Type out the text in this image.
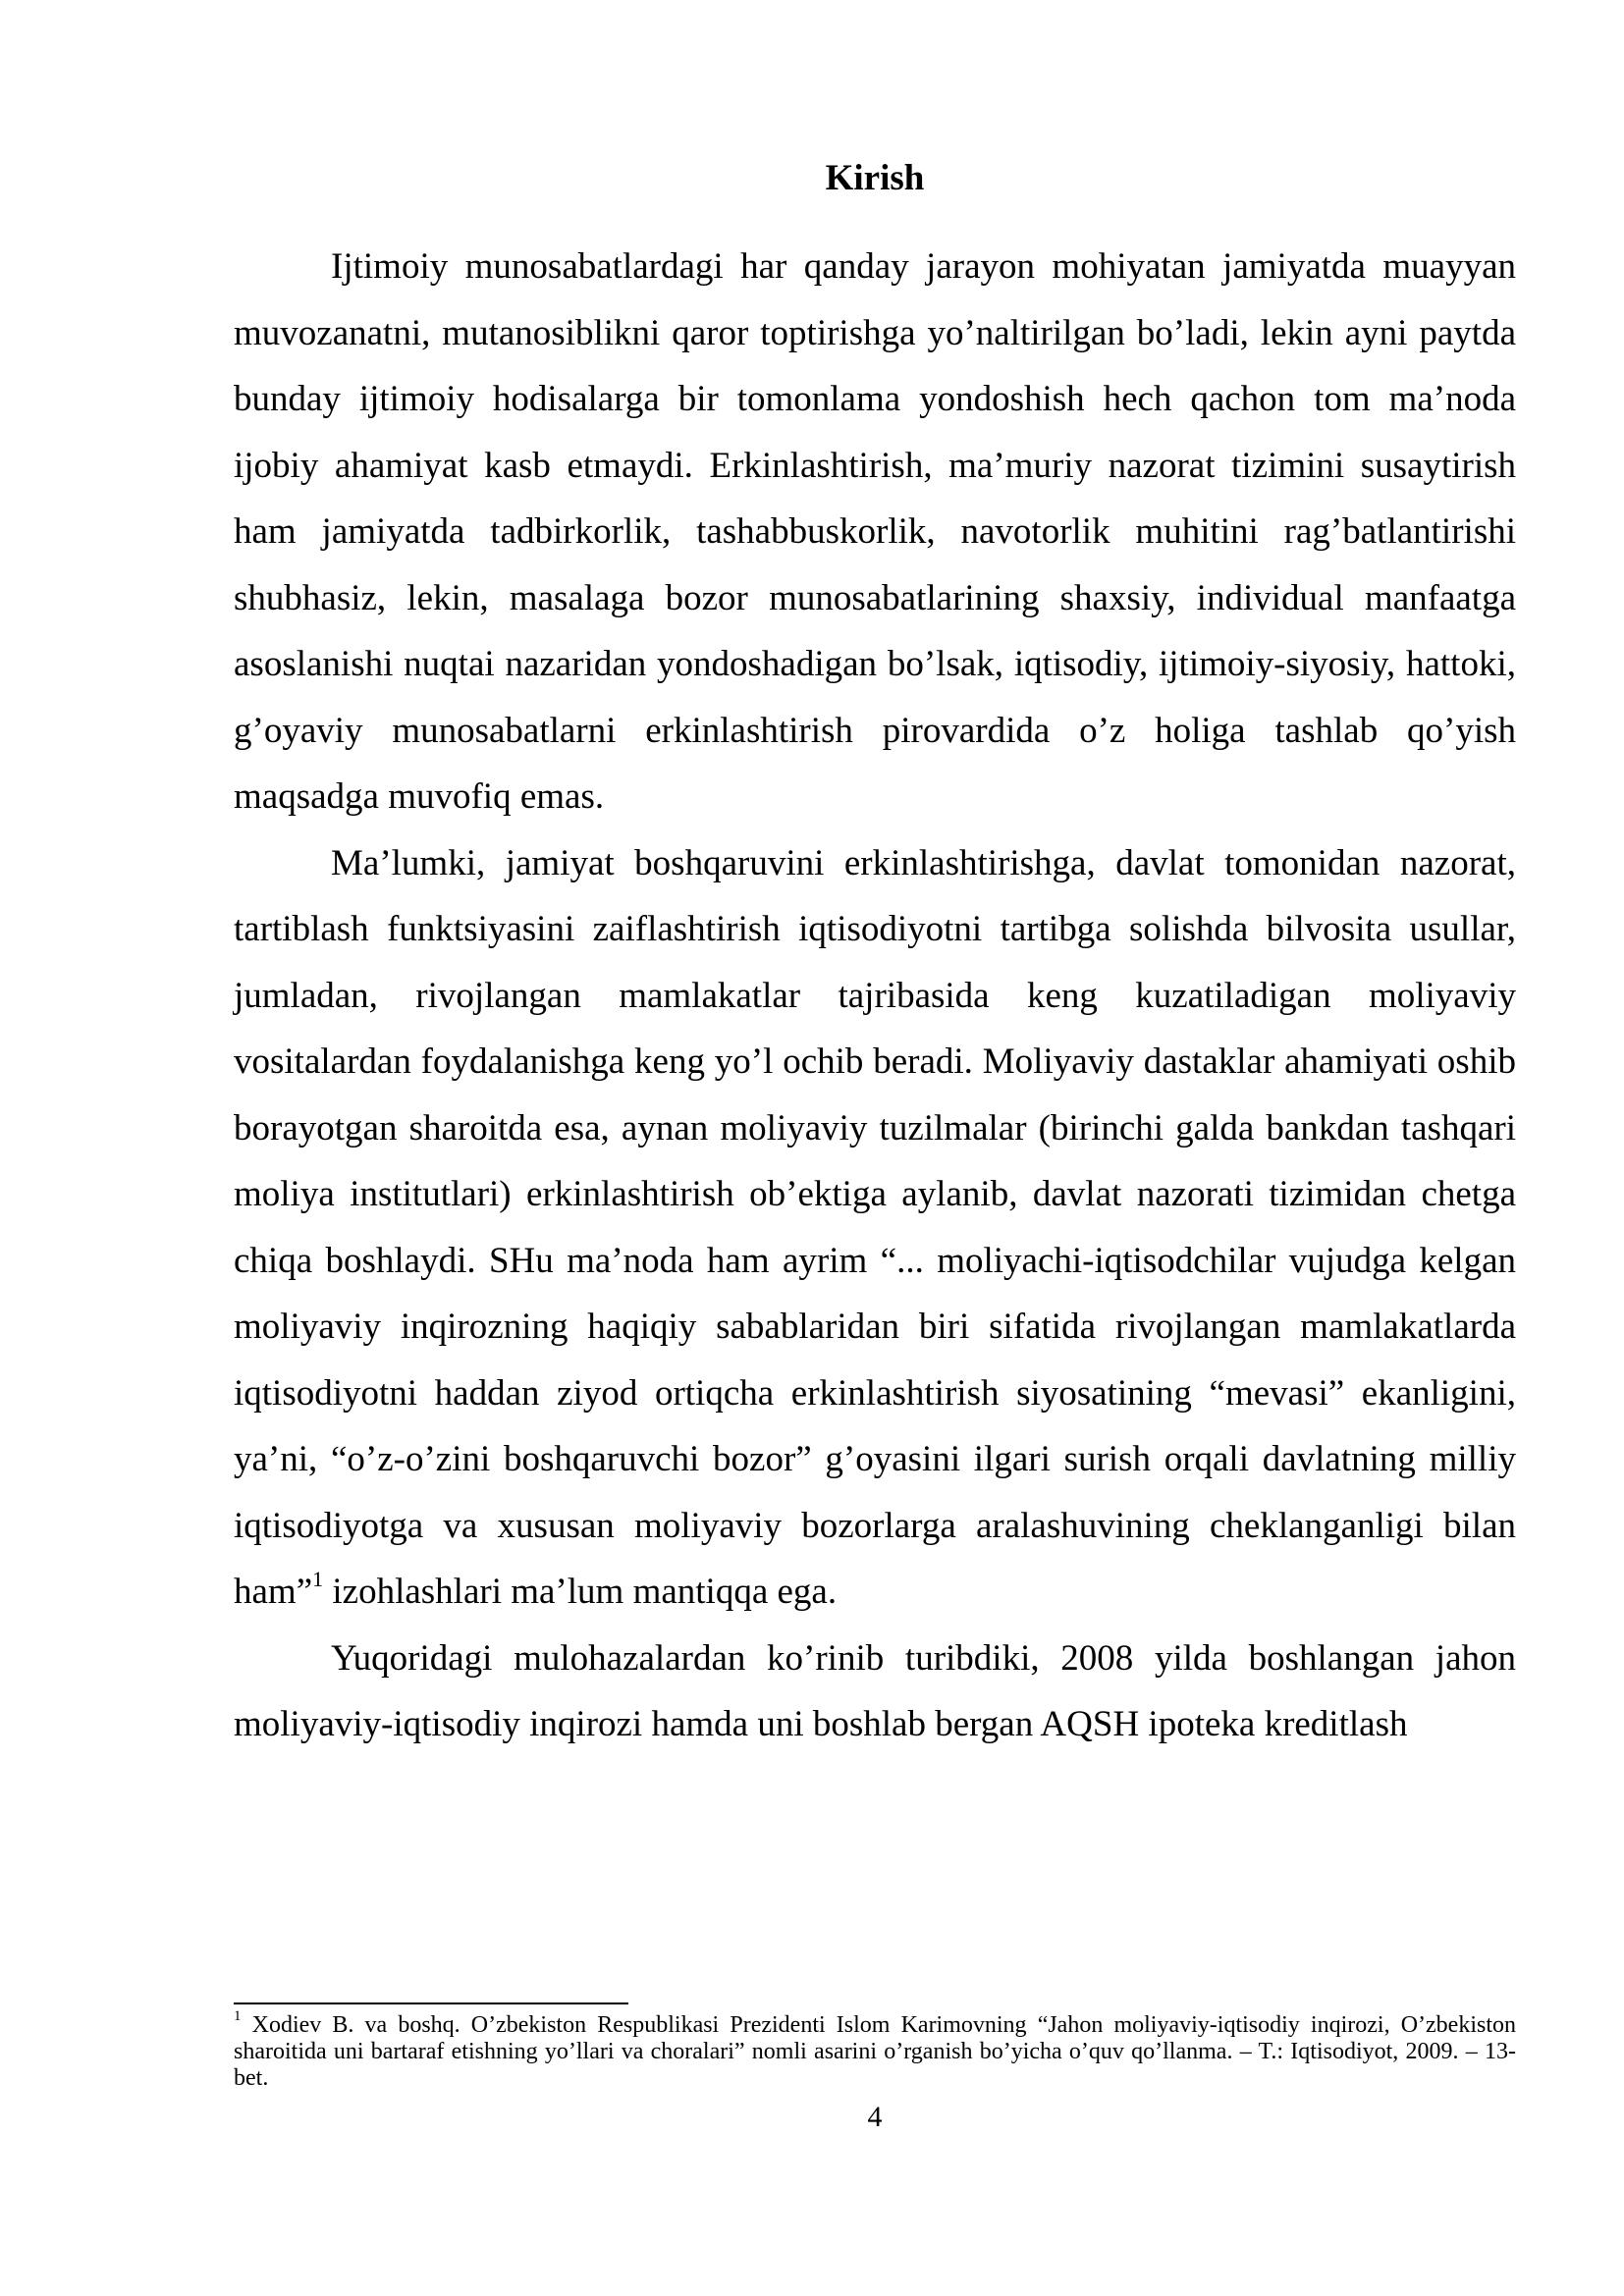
Kirish

Ijtimoiy munosabatlardagi har qanday jarayon mohiyatan jamiyatda muayyan muvozanatni, mutanosiblikni qaror toptirishga yo’naltirilgan bo’ladi, lekin ayni paytda bunday ijtimoiy hodisalarga bir tomonlama yondoshish hech qachon tom ma’noda ijobiy ahamiyat kasb etmaydi. Erkinlashtirish, ma’muriy nazorat tizimini susaytirish ham jamiyatda tadbirkorlik, tashabbuskorlik, navotorlik muhitini rag’batlantirishi shubhasiz, lekin, masalaga bozor munosabatlarining shaxsiy, individual manfaatga asoslanishi nuqtai nazaridan yondoshadigan bo’lsak, iqtisodiy, ijtimoiy-siyosiy, hattoki, g’oyaviy munosabatlarni erkinlashtirish pirovardida o’z holiga tashlab qo’yish maqsadga muvofiq emas.

Ma’lumki, jamiyat boshqaruvini erkinlashtirishga, davlat tomonidan nazorat, tartiblash funktsiyasini zaiflashtirish iqtisodiyotni tartibga solishda bilvosita usullar, jumladan, rivojlangan mamlakatlar tajribasida keng kuzatiladigan moliyaviy vositalardan foydalanishga keng yo’l ochib beradi. Moliyaviy dastaklar ahamiyati oshib borayotgan sharoitda esa, aynan moliyaviy tuzilmalar (birinchi galda bankdan tashqari moliya institutlari) erkinlashtirish ob’ektiga aylanib, davlat nazorati tizimidan chetga chiqa boshlaydi. SHu ma’noda ham ayrim “... moliyachi-iqtisodchilar vujudga kelgan moliyaviy inqirozning haqiqiy sabablaridan biri sifatida rivojlangan mamlakatlarda iqtisodiyotni haddan ziyod ortiqcha erkinlashtirish siyosatining “mevasi” ekanligini, ya’ni, “o’z-o’zini boshqaruvchi bozor” g’oyasini ilgari surish orqali davlatning milliy iqtisodiyotga va xususan moliyaviy bozorlarga aralashuvining cheklanganligi bilan ham”$^1$ izohlashlari ma’lum mantiqqa ega.

Yuqoridagi mulohazalardan ko’rinib turibdiki, 2008 yilda boshlangan jahon moliyaviy-iqtisodiy inqirozi hamda uni boshlab bergan AQSH ipoteka kreditlash

$^1$ Xodiev B. va boshq. O’zbekiston Respublikasi Prezidenti Islom Karimovning “Jahon moliyaviy-iqtisodiy inqirozi, O’zbekiston sharoitida uni bartaraf etishning yo’llari va choralari” nomli asarini o’rganish bo’yicha o’quv qo’llanma. – T.: Iqtisodiyot, 2009. – 13-bet.
4
